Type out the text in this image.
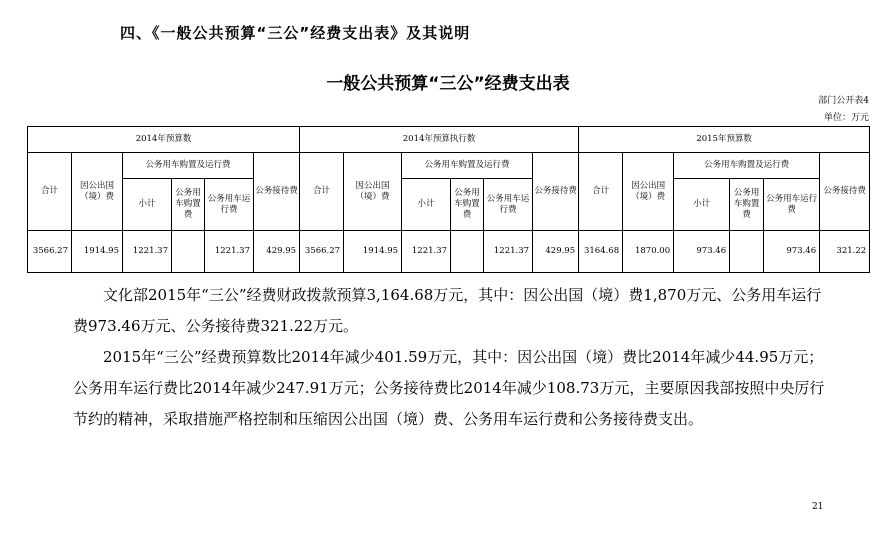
四、《一般公共预算“三公”经费支出表》及其说明
一般公共预算“三公”经费支出表
部门公开表4
单位：万元
2014年预算数						2014年预算执行数						2015年预算数					
合计	因公出国（境）费	公务用车购置及运行费			公务接待费	合计	因公出国（境）费	公务用车购置及运行费			公务接待费	合计	因公出国（境）费	公务用车购置及运行费			公务接待费
		小计	公务用车购置费	公务用车运行费				小计	公务用车购置费	公务用车运行费				小计	公务用车购置费	公务用车运行费	
3566.27	1914.95	1221.37		1221.37	429.95	3566.27	1914.95	1221.37		1221.37	429.95	3164.68	1870.00	973.46		973.46	321.22

文化部2015年“三公”经费财政拨款预算3,164.68万元，其中：因公出国（境）费1,870万元、公务用车运行费973.46万元、公务接待费321.22万元。

2015年“三公”经费预算数比2014年减少401.59万元，其中：因公出国（境）费比2014年减少44.95万元；公务用车运行费比2014年减少247.91万元；公务接待费比2014年减少108.73万元，主要原因我部按照中央厉行节约的精神，采取措施严格控制和压缩因公出国（境）费、公务用车运行费和公务接待费支出。

21
